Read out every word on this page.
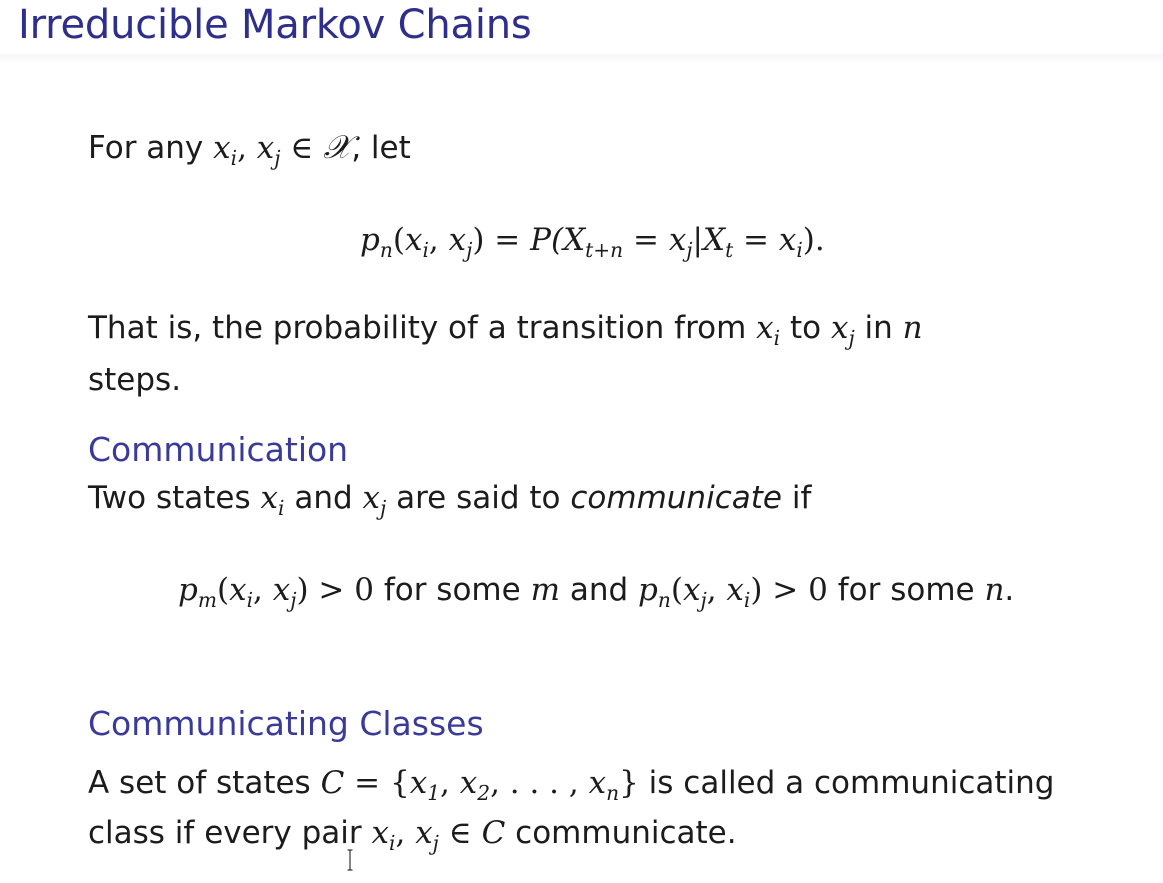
Irreducible Markov Chains
For any $x_i$, $x_j$ ∈ 𝒳, let
$p_n(x_i$, $x_j) = P(X_{t+n} = x_j|X_t = x_i)$.
That is, the probability of a transition from $x_i$ to $x_j$ in n
steps.
Communication
Two states $x_i$ and $x_j$ are said to communicate if
$p_m(x_i$, $x_j) > 0$ for some m and $p_n(x_j$, $x_i) > 0$ for some n.
Communicating Classes
A set of states $C = \{x_1$, $x_2$, . . . , $x_n$} is called a communicating
class if every pair $x_i$, $x_j$ ∈ C communicate.
